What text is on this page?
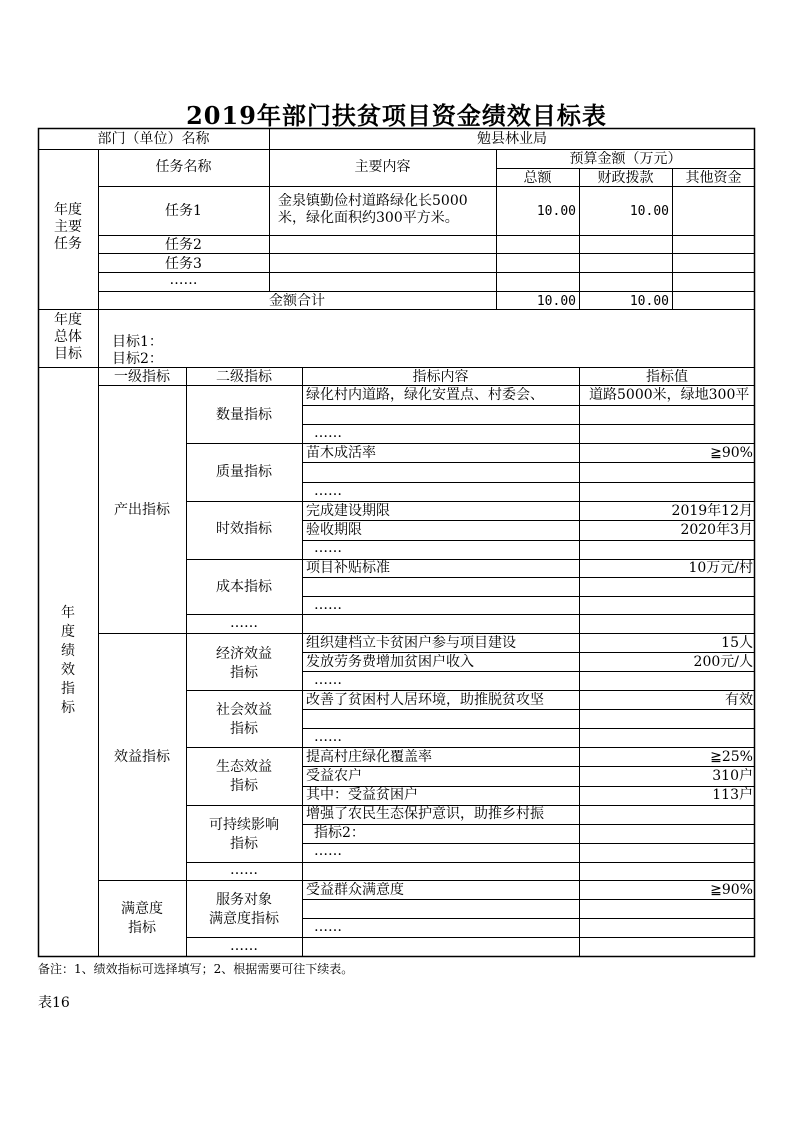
2019年部门扶贫项目资金绩效目标表
部门（单位）名称	勉县林业局
年度
主要
任务
任务名称	主要内容	预算金额（万元）
总额	财政拨款	其他资金
任务1
金泉镇勤俭村道路绿化长5000米，绿化面积约300平方米。	10.00	10.00
任务2
任务3
……
金额合计	10.00	10.00
年度
总体
目标
目标1：
目标2：
年
度
绩
效
指
标
一级指标	二级指标	指标内容	指标值
产出指标
数量指标
绿化村内道路，绿化安置点、村委会、	道路5000米，绿地300平
……
质量指标
苗木成活率	≧90%
……
时效指标
完成建设期限	2019年12月
验收期限	2020年3月
……
成本指标
项目补贴标准	10万元/村
……
……
效益指标
经济效益
指标
组织建档立卡贫困户参与项目建设	15人
发放劳务费增加贫困户收入	200元/人
……
社会效益
指标
改善了贫困村人居环境，助推脱贫攻坚	有效
……
生态效益
指标
提高村庄绿化覆盖率	≧25%
受益农户	310户
其中：受益贫困户	113户
可持续影响
指标
增强了农民生态保护意识，助推乡村振
指标2：
……
……
满意度
指标
服务对象
满意度指标
受益群众满意度	≧90%
……
……
备注：1、绩效指标可选择填写；2、根据需要可往下续表。
表16
